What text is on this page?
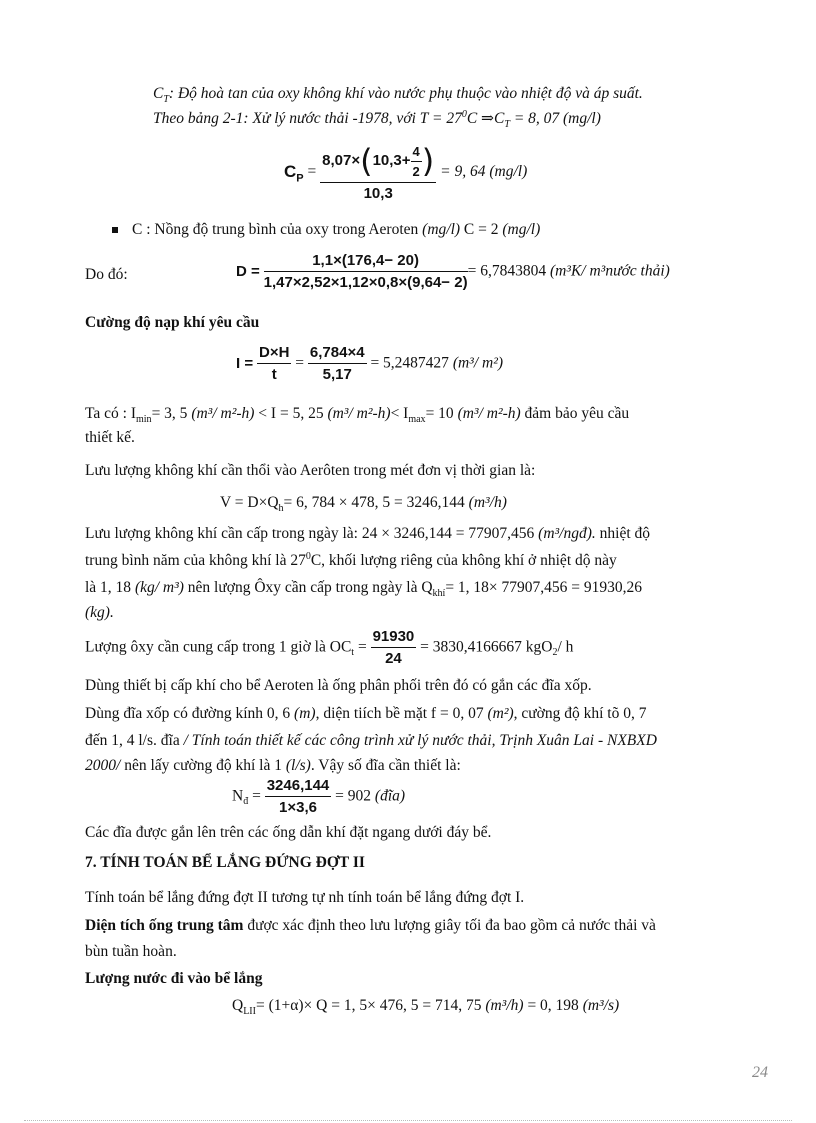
$C_T$: Độ hoà tan của oxy không khí vào nước phụ thuộc vào nhiệt độ và áp suất.
Theo bảng 2-1: Xử lý nước thải -1978, với $T = 27^0C$ $\Rightarrow C_T = 8$, 07 (mg/l)
$C_P = \frac{8,07\times(10,3+ \frac{4}{2} )}{10,3} = 9$, 64 (mg/l)
C : Nồng độ trung bình của oxy trong Aeroten (mg/l) C = 2 (mg/l)
Do đó:	$D = \frac{1,1\times(176,4- 20)}{1,47\times 2,52\times 1,12\times 0,8\times(9,64- 2)} = 6,7843804$ (m³K/ m³nước thải)
Cường độ nạp khí yêu cầu
$I = \frac{D\times H}{t} = \frac{6,784\times 4}{5,17} = 5,2487427$ (m³/ m²)
Ta có : $I_{min}= 3$, 5 (m³/ m²-h) < I = 5, 25 (m³/ $m^2-h)< I_{max}= 10$ (m³/ m²-h) đảm bảo yêu cầu
thiết kế.
Lưu lượng không khí cần thổi vào Aerôten trong mét đơn vị thời gian là:
$V = D\times Q_h= 6$, 784 × 478, 5 = 3246,144 (m³/h)
Lưu lượng không khí cần cấp trong ngày là: 24 × 3246,144 = 77907,456 (m³/ngđ). nhiệt độ
trung bình năm của không khí là $27^0C$, khối lượng riêng của không khí ở nhiệt dộ này
là 1, 18 (kg/ m³) nên lượng Ôxy cần cấp trong ngày là $Q_{khí}= 1$, 18× 77907,456 = 91930,26
(kg).
Lượng ôxy cần cung cấp trong 1 giờ là $OC_t = \frac{91930}{24} = 3830,4166667$ kgO$_2$/ h
Dùng thiết bị cấp khí cho bể Aeroten là ống phân phối trên đó có gắn các đĩa xốp.
Dùng đĩa xốp có đường kính 0, 6 (m), diện tiích bề mặt f = 0, 07 (m²), cường độ khí tõ 0, 7
đến 1, 4 l/s. đĩa / Tính toán thiết kế các công trình xử lý nước thải, Trịnh Xuân Lai - NXBXD
2000/ nên lấy cường độ khí là 1 (l/s). Vậy số đĩa cần thiết là:
$N_đ = \frac{3246,144}{1\times 3,6} = 902$ (đĩa)
Các đĩa được gắn lên trên các ống dẫn khí đặt ngang dưới đáy bể.
7. TÍNH TOÁN BỂ LẮNG ĐỨNG ĐỢT II
Tính toán bể lắng đứng đợt II tương tự nh tính toán bể lắng đứng đợt I.
Diện tích ống trung tâm được xác định theo lưu lượng giây tối đa bao gồm cả nước thải và
bùn tuần hoàn.
Lượng nước đi vào bể lắng
$Q_{LII}= (1+\alpha)\times Q = 1$, 5× 476, 5 = 714, 75 (m³/h) = 0, 198 (m³/s)
24
